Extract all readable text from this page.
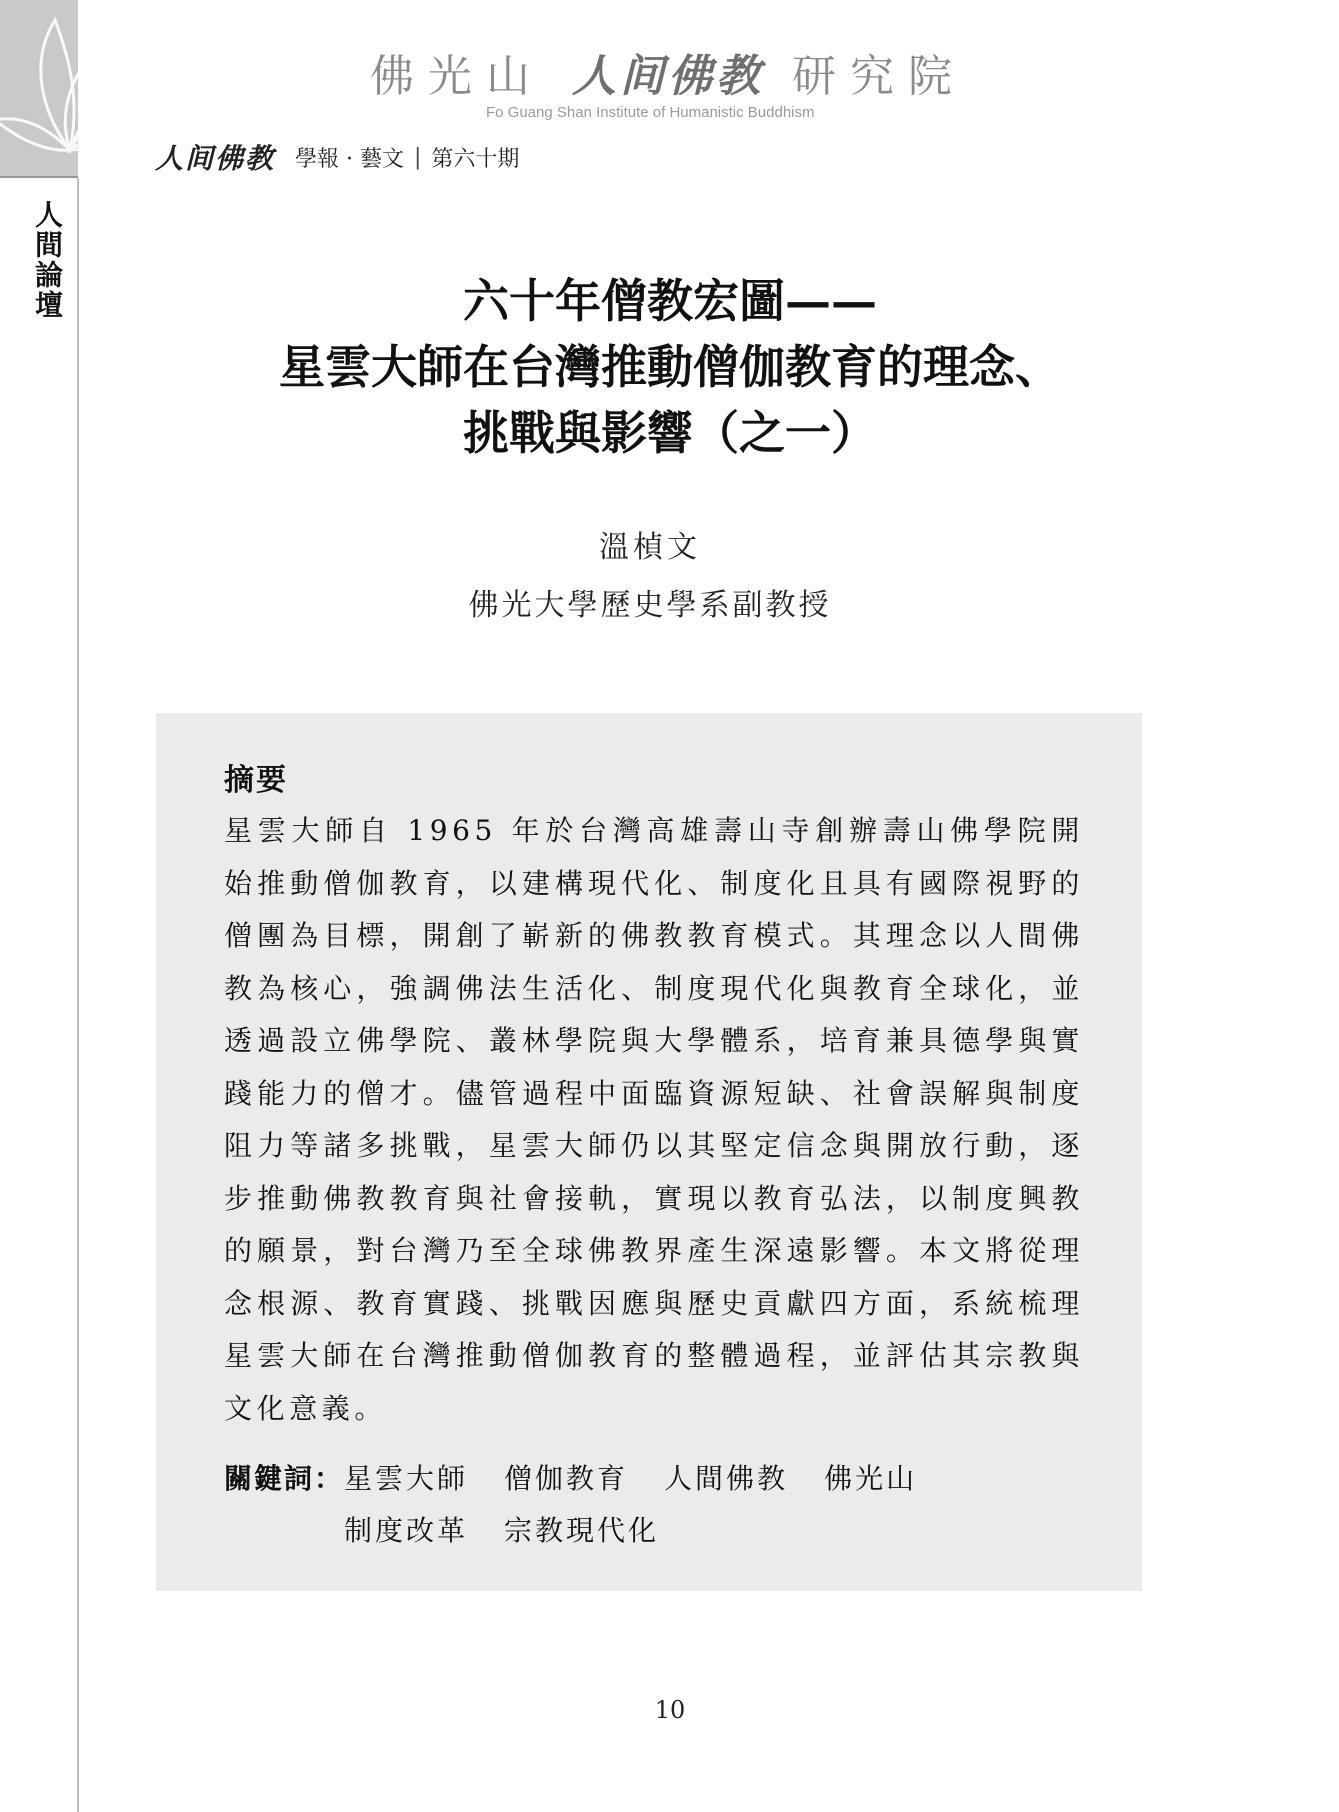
人間論壇
佛光山 人间佛教 研究院
Fo Guang Shan Institute of Humanistic Buddhism
人间佛教 學報 · 藝文 | 第六十期
六十年僧教宏圖——
星雲大師在台灣推動僧伽教育的理念、
挑戰與影響（之一）
溫楨文
佛光大學歷史學系副教授
摘要
星雲大師自 1965 年於台灣高雄壽山寺創辦壽山佛學院開始推動僧伽教育，以建構現代化、制度化且具有國際視野的僧團為目標，開創了嶄新的佛教教育模式。其理念以人間佛教為核心，強調佛法生活化、制度現代化與教育全球化，並透過設立佛學院、叢林學院與大學體系，培育兼具德學與實踐能力的僧才。儘管過程中面臨資源短缺、社會誤解與制度阻力等諸多挑戰，星雲大師仍以其堅定信念與開放行動，逐步推動佛教教育與社會接軌，實現以教育弘法，以制度興教的願景，對台灣乃至全球佛教界產生深遠影響。本文將從理念根源、教育實踐、挑戰因應與歷史貢獻四方面，系統梳理星雲大師在台灣推動僧伽教育的整體過程，並評估其宗教與文化意義。
關鍵詞： 星雲大師 僧伽教育 人間佛教 佛光山
制度改革 宗教現代化
10
